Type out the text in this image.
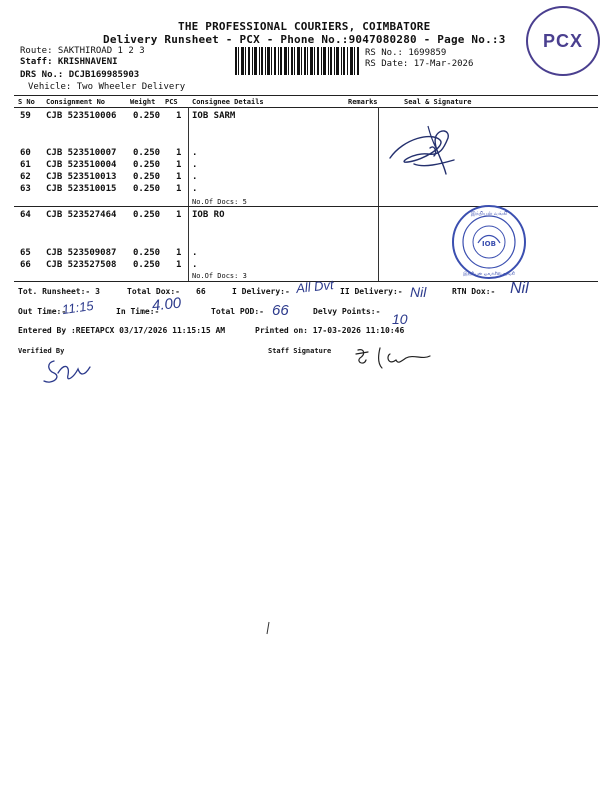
THE PROFESSIONAL COURIERS, COIMBATORE
Delivery Runsheet - PCX - Phone No.:9047080280 - Page No.:3
Route: SAKTHIROAD 1 2 3
Staff: KRISHNAVENI
DRS No.: DCJB169985903
Vehicle: Two Wheeler Delivery
RS No.: 1699859
RS Date: 17-Mar-2026
PCX
S No Consignment No	Weight PCS Consignee Details	Remarks	Seal & Signature
59 CJB 523510006 0.250 1 IOB SARM
60 CJB 523510007 0.250 1 .
61 CJB 523510004 0.250 1 .
62 CJB 523510013 0.250 1 .
63 CJB 523510015 0.250 1 .
No.Of Docs: 5
64 CJB 523527464 0.250 1 IOB RO
65 CJB 523509087 0.250 1 .
66 CJB 523527508 0.250 1 .
No.Of Docs: 3
IOB
இந்தியன் வங்கி
இந்தியன் ஓவர்சீஸ் வங்கி
Tot. Runsheet:- 3	Total Dox:- 66	I Delivery:- All Dvt II Delivery:- Nil	RTN Dox:- Nil
Out Time:-
11:15	In Time:-
4.00	Total POD:- 66	Delvy Points:- 10
Entered By :REETAPCX 03/17/2026 11:15:15 AM	Printed on: 17-03-2026 11:10:46
Verified By	Staff Signature
